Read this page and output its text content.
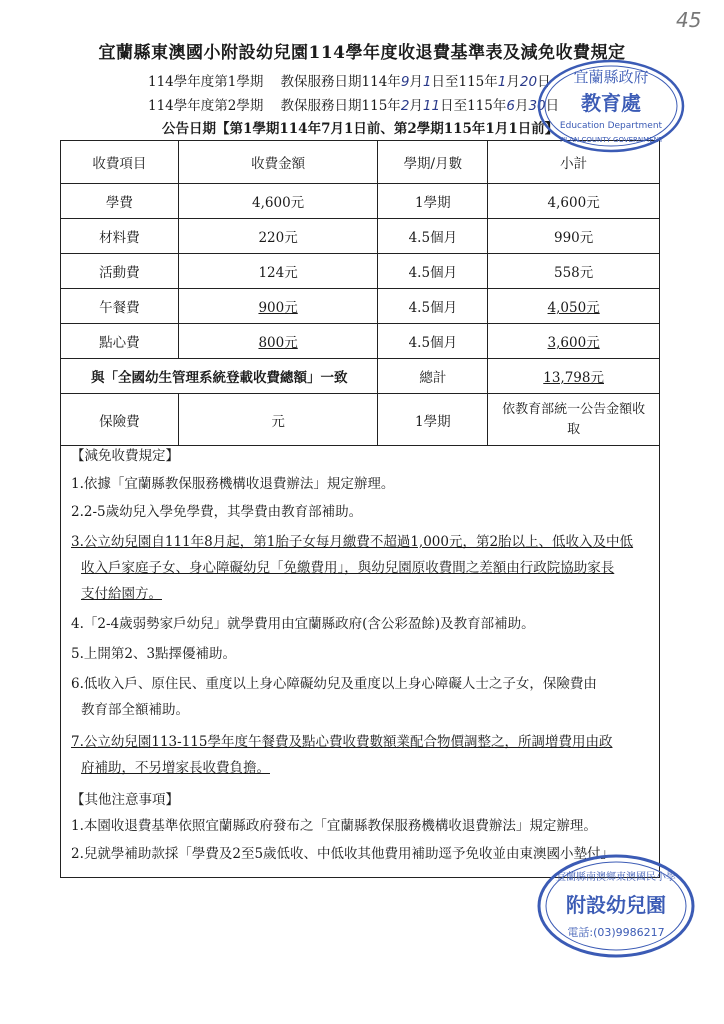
45
宜蘭縣東澳國小附設幼兒園114學年度收退費基準表及減免收費規定
114學年度第1學期 教保服務日期114年9月1日至115年1月20日
114學年度第2學期 教保服務日期115年2月11日至115年6月30日
公告日期【第1學期114年7月1日前、第2學期115年1月1日前】
收費項目	收費金額	學期/月數	小計
學費	4,600元	1學期	4,600元
材料費	220元	4.5個月	990元
活動費	124元	4.5個月	558元
午餐費	900元	4.5個月	4,050元
點心費	800元	4.5個月	3,600元
與「全國幼生管理系統登載收費總額」一致		總計	13,798元
保險費	元	1學期	依教育部統一公告金額收
取
【減免收費規定】
1.依據「宜蘭縣教保服務機構收退費辦法」規定辦理。
2.2-5歲幼兒入學免學費，其學費由教育部補助。
3.公立幼兒園自111年8月起，第1胎子女每月繳費不超過1,000元，第2胎以上、低收入及中低
收入戶家庭子女、身心障礙幼兒「免繳費用」，與幼兒園原收費間之差額由行政院協助家長
支付給園方。
4.「2-4歲弱勢家戶幼兒」就學費用由宜蘭縣政府(含公彩盈餘)及教育部補助。
5.上開第2、3點擇優補助。
6.低收入戶、原住民、重度以上身心障礙幼兒及重度以上身心障礙人士之子女，保險費由
教育部全額補助。
7.公立幼兒園113-115學年度午餐費及點心費收費數額業配合物價調整之，所調增費用由政
府補助，不另增家長收費負擔。
【其他注意事項】
1.本園收退費基準依照宜蘭縣政府發布之「宜蘭縣教保服務機構收退費辦法」規定辦理。
2.兒就學補助款採「學費及2至5歲低收、中低收其他費用補助逕予免收並由東澳國小墊付」
宜蘭縣政府
教育處
Education Department
YILAN COUNTY GOVERNMENT
宜蘭縣南澳鄉東澳國民小學
附設幼兒園
電話:(03)9986217
